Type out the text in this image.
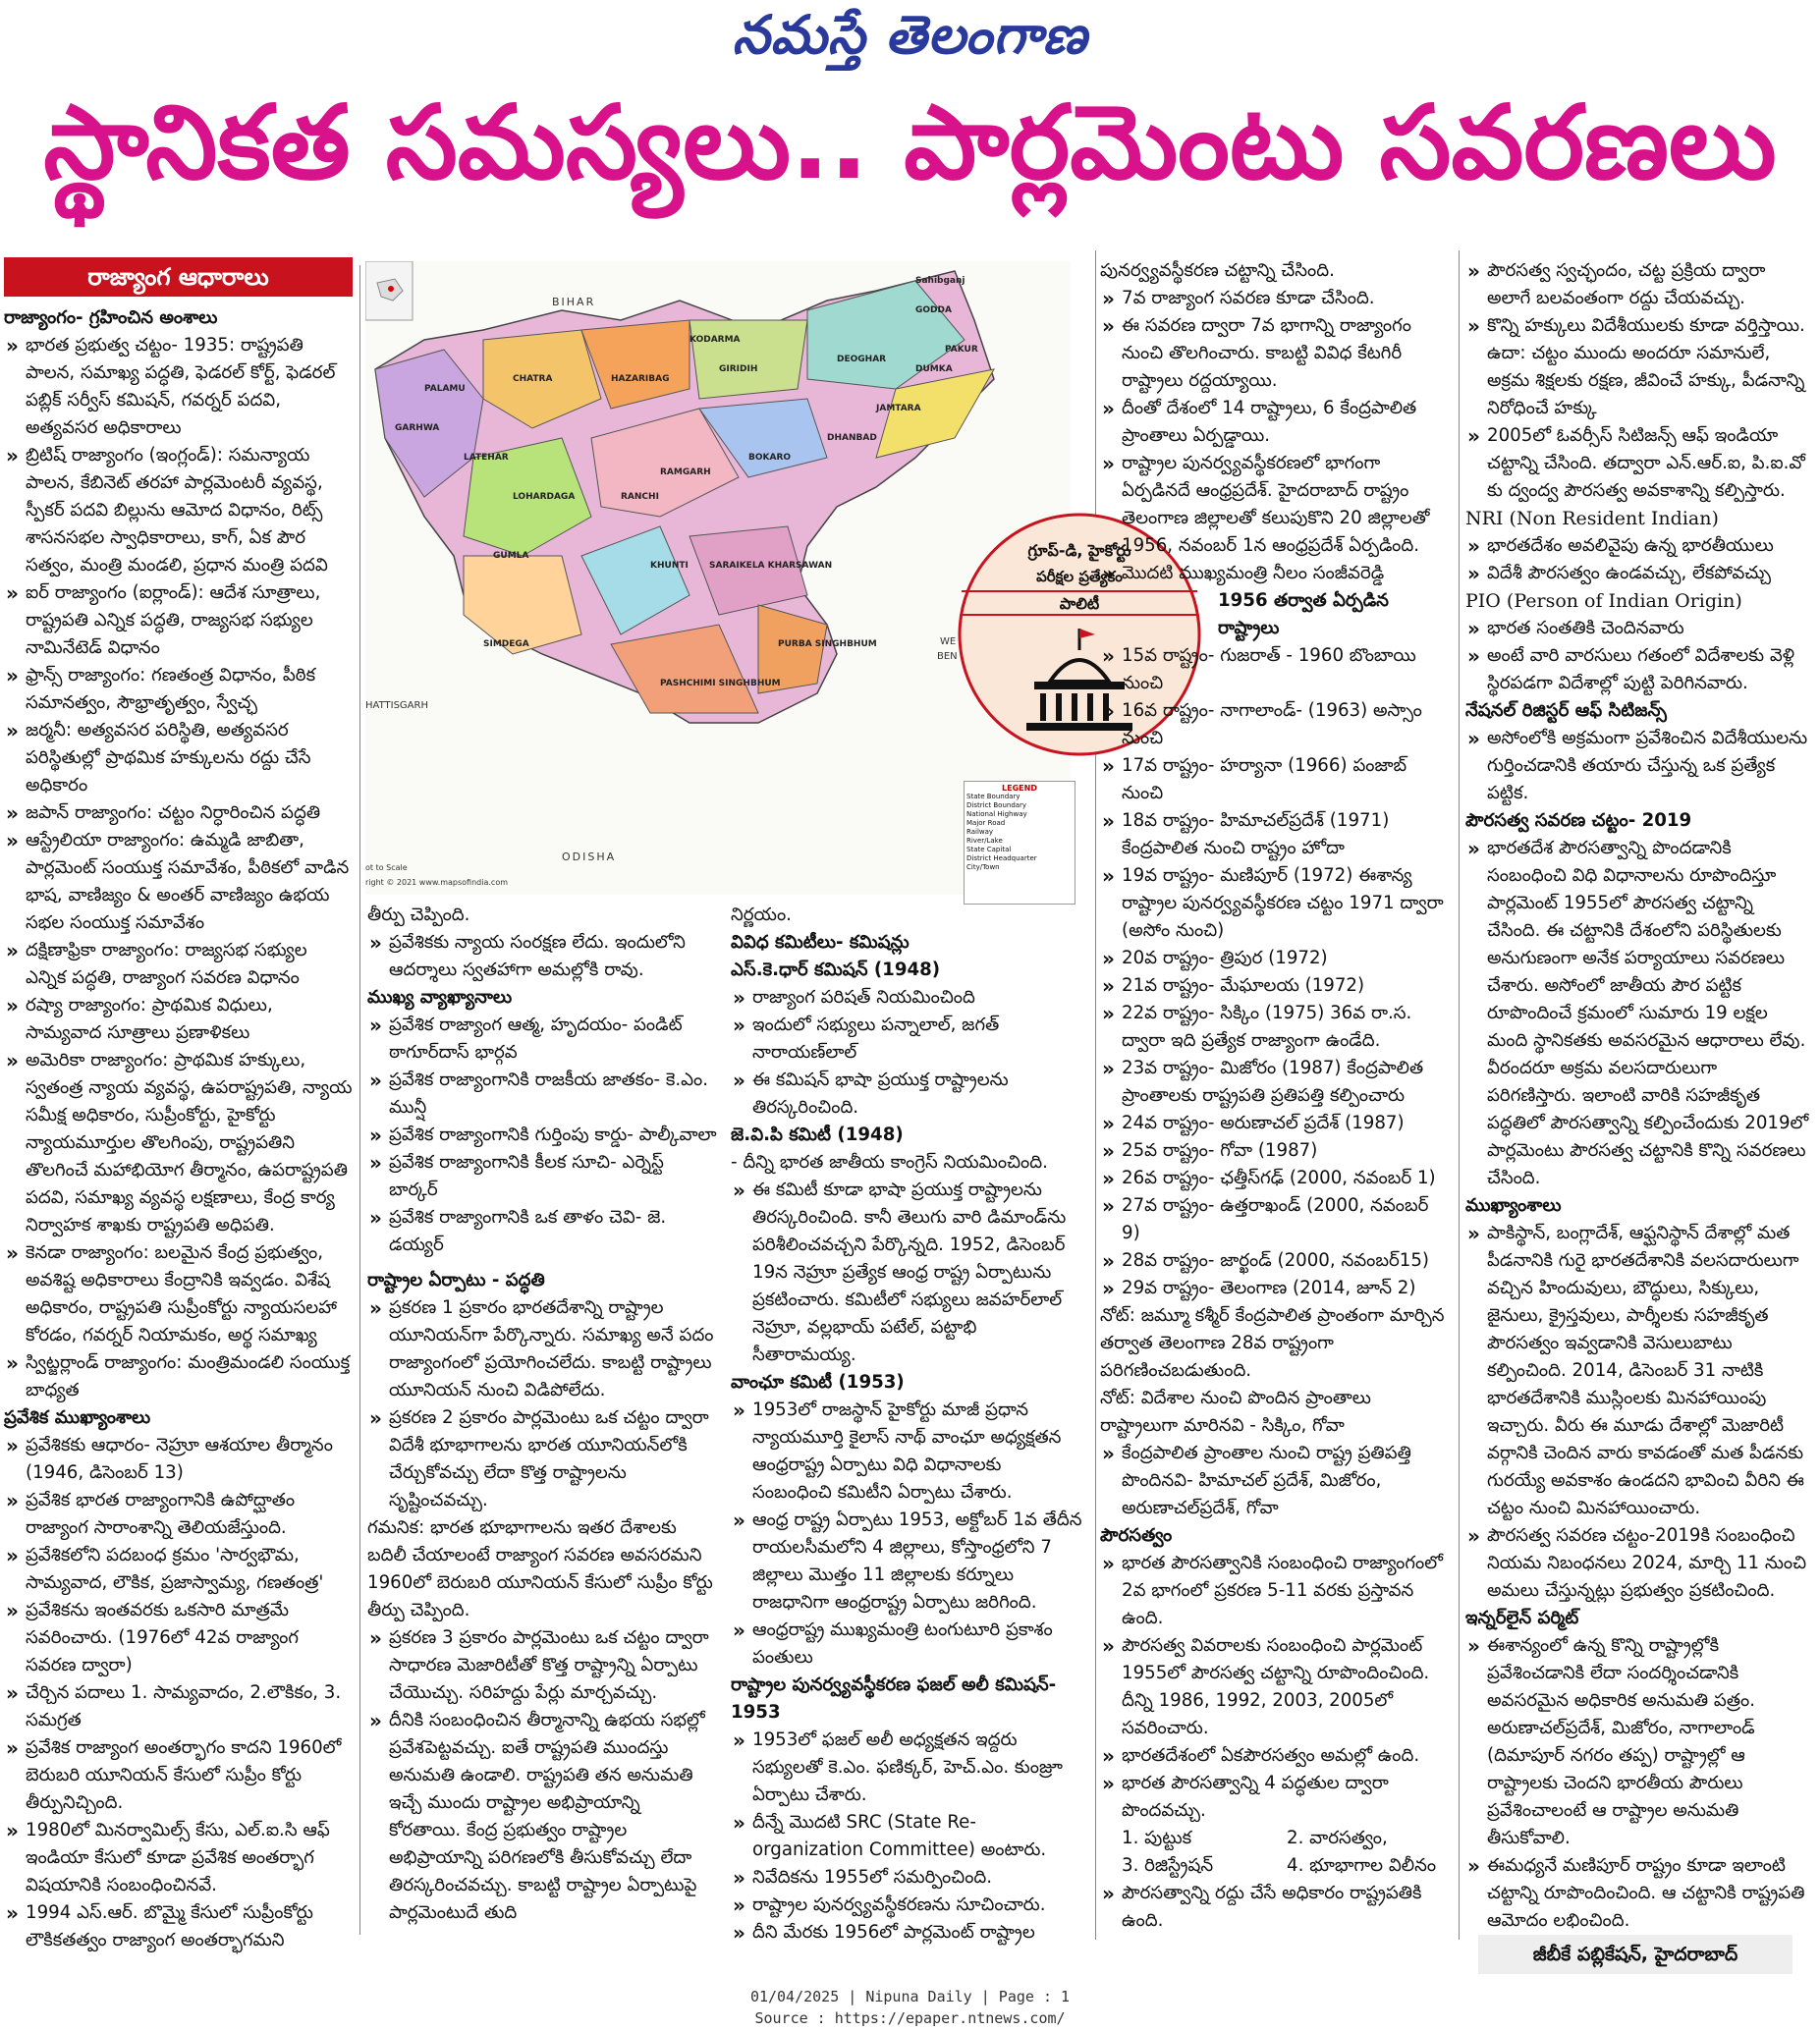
నమస్తే తెలంగాణ
స్థానికత సమస్యలు.. పార్లమెంటు సవరణలు
రాజ్యాంగ ఆధారాలు
రాజ్యాంగం- గ్రహించిన అంశాలు
» భారత ప్రభుత్వ చట్టం- 1935: రాష్ట్రపతి పాలన, సమాఖ్య పద్ధతి, ఫెడరల్ కోర్ట్, ఫెడరల్ పబ్లిక్ సర్వీస్ కమిషన్, గవర్నర్ పదవి, అత్యవసర అధికారాలు
» బ్రిటిష్ రాజ్యాంగం (ఇంగ్లండ్): సమన్యాయ పాలన, కేబినెట్ తరహా పార్లమెంటరీ వ్యవస్థ, స్పీకర్ పదవి బిల్లును ఆమోద విధానం, రిట్స్ శాసనసభల స్వాధికారాలు, కాగ్, ఏక పౌర సత్వం, మంత్రి మండలి, ప్రధాన మంత్రి పదవి
» ఐర్ రాజ్యాంగం (ఐర్లాండ్): ఆదేశ సూత్రాలు, రాష్ట్రపతి ఎన్నిక పద్ధతి, రాజ్యసభ సభ్యుల నామినేటెడ్ విధానం
» ఫ్రాన్స్ రాజ్యాంగం: గణతంత్ర విధానం, పీఠిక సమానత్వం, సౌభ్రాతృత్వం, స్వేచ్ఛ
» జర్మనీ: అత్యవసర పరిస్థితి, అత్యవసర పరిస్థితుల్లో ప్రాథమిక హక్కులను రద్దు చేసే అధికారం
» జపాన్ రాజ్యాంగం: చట్టం నిర్ధారించిన పద్ధతి
» ఆస్ట్రేలియా రాజ్యాంగం: ఉమ్మడి జాబితా, పార్లమెంట్ సంయుక్త సమావేశం, పీఠికలో వాడిన భాష, వాణిజ్యం & అంతర్ వాణిజ్యం ఉభయ సభల సంయుక్త సమావేశం
» దక్షిణాఫ్రికా రాజ్యాంగం: రాజ్యసభ సభ్యుల ఎన్నిక పద్ధతి, రాజ్యాంగ సవరణ విధానం
» రష్యా రాజ్యాంగం: ప్రాథమిక విధులు, సామ్యవాద సూత్రాలు ప్రణాళికలు
» అమెరికా రాజ్యాంగం: ప్రాథమిక హక్కులు, స్వతంత్ర న్యాయ వ్యవస్థ, ఉపరాష్ట్రపతి, న్యాయ సమీక్ష అధికారం, సుప్రీంకోర్టు, హైకోర్టు న్యాయమూర్తుల తొలగింపు, రాష్ట్రపతిని తొలగించే మహాభియోగ తీర్మానం, ఉపరాష్ట్రపతి పదవి, సమాఖ్య వ్యవస్థ లక్షణాలు, కేంద్ర కార్య నిర్వాహక శాఖకు రాష్ట్రపతి అధిపతి.
» కెనడా రాజ్యాంగం: బలమైన కేంద్ర ప్రభుత్వం, అవశిష్ట అధికారాలు కేంద్రానికి ఇవ్వడం. విశేష అధికారం, రాష్ట్రపతి సుప్రీంకోర్టు న్యాయసలహా కోరడం, గవర్నర్ నియామకం, అర్థ సమాఖ్య
» స్విట్జర్లాండ్ రాజ్యాంగం: మంత్రిమండలి సంయుక్త బాధ్యత
ప్రవేశిక ముఖ్యాంశాలు
» ప్రవేశికకు ఆధారం- నెహ్రూ ఆశయాల తీర్మానం (1946, డిసెంబర్ 13)
» ప్రవేశిక భారత రాజ్యాంగానికి ఉపోద్ఘాతం రాజ్యాంగ సారాంశాన్ని తెలియజేస్తుంది.
» ప్రవేశికలోని పదబంధ క్రమం 'సార్వభౌమ, సామ్యవాద, లౌకిక, ప్రజాస్వామ్య, గణతంత్ర'
» ప్రవేశికను ఇంతవరకు ఒకసారి మాత్రమే సవరించారు. (1976లో 42వ రాజ్యాంగ సవరణ ద్వారా)
» చేర్చిన పదాలు 1. సామ్యవాదం, 2.లౌకికం, 3. సమగ్రత
» ప్రవేశిక రాజ్యాంగ అంతర్భాగం కాదని 1960లో బెరుబరి యూనియన్ కేసులో సుప్రీం కోర్టు తీర్పునిచ్చింది.
» 1980లో మినర్వామిల్స్ కేసు, ఎల్.ఐ.సి ఆఫ్ ఇండియా కేసులో కూడా ప్రవేశిక అంతర్భాగ విషయానికి సంబంధించినవే.
» 1994 ఎస్.ఆర్. బొమ్మై కేసులో సుప్రీంకోర్టు లౌకికతత్వం రాజ్యాంగ అంతర్భాగమని
BIHAR
HATTISGARH
ODISHA
WE
BEN
Sahibganj
GODDA
PAKUR
DUMKA
KODARMA
GIRIDIH
DEOGHAR
JAMTARA
DHANBAD
BOKARO
HAZARIBAG
CHATRA
PALAMU
GARHWA
LATEHAR
LOHARDAGA	RANCHI
RAMGARH
GUMLA
KHUNTI
SIMDEGA
SARAIKELA KHARSAWAN
PURBA SINGHBHUM
PASHCHIMI SINGHBHUM
ot to Scale
right © 2021 www.mapsofindia.com
LEGEND
State Boundary
District Boundary
National Highway
Major Road
Railway
River/Lake
State Capital
District Headquarter
City/Town
గ్రూప్-డి, హైకోర్టు
పరీక్షల ప్రత్యేకం
పాలిటీ
తీర్పు చెప్పింది.
» ప్రవేశికకు న్యాయ సంరక్షణ లేదు. ఇందులోని ఆదర్శాలు స్వతహాగా అమల్లోకి రావు.
ముఖ్య వ్యాఖ్యానాలు
» ప్రవేశిక రాజ్యాంగ ఆత్మ, హృదయం- పండిట్ ఠాగూర్‌దాస్ భార్గవ
» ప్రవేశిక రాజ్యాంగానికి రాజకీయ జాతకం- కె.ఎం. మున్షీ
» ప్రవేశిక రాజ్యాంగానికి గుర్తింపు కార్డు- పాల్కీవాలా
» ప్రవేశిక రాజ్యాంగానికి కీలక సూచి- ఎర్నెస్ట్ బార్కర్
» ప్రవేశిక రాజ్యాంగానికి ఒక తాళం చెవి- జె. డయ్యర్
రాష్ట్రాల ఏర్పాటు - పద్ధతి
» ప్రకరణ 1 ప్రకారం భారతదేశాన్ని రాష్ట్రాల యూనియన్‌గా పేర్కొన్నారు. సమాఖ్య అనే పదం రాజ్యాంగంలో ప్రయోగించలేదు. కాబట్టి రాష్ట్రాలు యూనియన్ నుంచి విడిపోలేదు.
» ప్రకరణ 2 ప్రకారం పార్లమెంటు ఒక చట్టం ద్వారా విదేశీ భూభాగాలను భారత యూనియన్‌లోకి చేర్చుకోవచ్చు లేదా కొత్త రాష్ట్రాలను సృష్టించవచ్చు.
గమనిక: భారత భూభాగాలను ఇతర దేశాలకు బదిలీ చేయాలంటే రాజ్యాంగ సవరణ అవసరమని 1960లో బెరుబరి యూనియన్ కేసులో సుప్రీం కోర్టు తీర్పు చెప్పింది.
» ప్రకరణ 3 ప్రకారం పార్లమెంటు ఒక చట్టం ద్వారా సాధారణ మెజారిటీతో కొత్త రాష్ట్రాన్ని ఏర్పాటు చేయొచ్చు. సరిహద్దు పేర్లు మార్చవచ్చు.
» దీనికి సంబంధించిన తీర్మానాన్ని ఉభయ సభల్లో ప్రవేశపెట్టవచ్చు. ఐతే రాష్ట్రపతి ముందస్తు అనుమతి ఉండాలి. రాష్ట్రపతి తన అనుమతి ఇచ్చే ముందు రాష్ట్రాల అభిప్రాయాన్ని కోరతాయి. కేంద్ర ప్రభుత్వం రాష్ట్రాల అభిప్రాయాన్ని పరిగణలోకి తీసుకోవచ్చు లేదా తిరస్కరించవచ్చు. కాబట్టి రాష్ట్రాల ఏర్పాటుపై పార్లమెంటుదే తుది
నిర్ణయం.
వివిధ కమిటీలు- కమిషన్లు
ఎస్.కె.ధార్ కమిషన్ (1948)
» రాజ్యాంగ పరిషత్ నియమించింది
» ఇందులో సభ్యులు పన్నాలాల్, జగత్ నారాయణ్‌లాల్
» ఈ కమిషన్ భాషా ప్రయుక్త రాష్ట్రాలను తిరస్కరించింది.
జె.వి.పి కమిటీ (1948)
- దీన్ని భారత జాతీయ కాంగ్రెస్ నియమించింది.
» ఈ కమిటీ కూడా భాషా ప్రయుక్త రాష్ట్రాలను తిరస్కరించింది. కానీ తెలుగు వారి డిమాండ్‌ను పరిశీలించవచ్చని పేర్కొన్నది. 1952, డిసెంబర్ 19న నెహ్రూ ప్రత్యేక ఆంధ్ర రాష్ట్ర ఏర్పాటును ప్రకటించారు. కమిటీలో సభ్యులు జవహర్‌లాల్ నెహ్రూ, వల్లభాయ్ పటేల్, పట్టాభి సీతారామయ్య.
వాంఛూ కమిటీ (1953)
» 1953లో రాజస్థాన్ హైకోర్టు మాజీ ప్రధాన న్యాయమూర్తి కైలాస్ నాథ్ వాంఛూ అధ్యక్షతన ఆంధ్రరాష్ట్ర ఏర్పాటు విధి విధానాలకు సంబంధించి కమిటీని ఏర్పాటు చేశారు.
» ఆంధ్ర రాష్ట్ర ఏర్పాటు 1953, అక్టోబర్ 1వ తేదీన రాయలసీమలోని 4 జిల్లాలు, కోస్తాంధ్రలోని 7 జిల్లాలు మొత్తం 11 జిల్లాలకు కర్నూలు రాజధానిగా ఆంధ్రరాష్ట్ర ఏర్పాటు జరిగింది.
» ఆంధ్రరాష్ట్ర ముఖ్యమంత్రి టంగుటూరి ప్రకాశం పంతులు
రాష్ట్రాల పునర్వ్యవస్థీకరణ ఫజల్ అలీ కమిషన్- 1953
» 1953లో ఫజల్ అలీ అధ్యక్షతన ఇద్దరు సభ్యులతో కె.ఎం. ఫణిక్కర్, హెచ్.ఎం. కుంజ్రూ ఏర్పాటు చేశారు.
» దీన్నే మొదటి SRC (State Re-organization Committee) అంటారు.
» నివేదికను 1955లో సమర్పించింది.
» రాష్ట్రాల పునర్వ్యవస్థీకరణను సూచించారు.
» దీని మేరకు 1956లో పార్లమెంట్ రాష్ట్రాల
పునర్వ్యవస్థీకరణ చట్టాన్ని చేసింది.
» 7వ రాజ్యాంగ సవరణ కూడా చేసింది.
» ఈ సవరణ ద్వారా 7వ భాగాన్ని రాజ్యాంగం నుంచి తొలగించారు. కాబట్టి వివిధ కేటగిరీ రాష్ట్రాలు రద్దయ్యాయి.
» దీంతో దేశంలో 14 రాష్ట్రాలు, 6 కేంద్రపాలిత ప్రాంతాలు ఏర్పడ్డాయి.
» రాష్ట్రాల పునర్వ్యవస్థీకరణలో భాగంగా ఏర్పడినదే ఆంధ్రప్రదేశ్. హైదరాబాద్ రాష్ట్రం తెలంగాణ జిల్లాలతో కలుపుకొని 20 జిల్లాలతో 1956, నవంబర్ 1న ఆంధ్రప్రదేశ్ ఏర్పడింది.
» మొదటి ముఖ్యమంత్రి నీలం సంజీవరెడ్డి
1956 తర్వాత ఏర్పడిన రాష్ట్రాలు
» 15వ రాష్ట్రం- గుజరాత్ - 1960 బొంబాయి నుంచి
» 16వ రాష్ట్రం- నాగాలాండ్- (1963) అస్సాం నుంచి
» 17వ రాష్ట్రం- హర్యానా (1966) పంజాబ్ నుంచి
» 18వ రాష్ట్రం- హిమాచల్‌ప్రదేశ్ (1971) కేంద్రపాలిత నుంచి రాష్ట్రం హోదా
» 19వ రాష్ట్రం- మణిపూర్ (1972) ఈశాన్య రాష్ట్రాల పునర్వ్యవస్థీకరణ చట్టం 1971 ద్వారా (అసోం నుంచి)
» 20వ రాష్ట్రం- త్రిపుర (1972)
» 21వ రాష్ట్రం- మేఘాలయ (1972)
» 22వ రాష్ట్రం- సిక్కిం (1975) 36వ రా.స. ద్వారా ఇది ప్రత్యేక రాజ్యాంగా ఉండేది.
» 23వ రాష్ట్రం- మిజోరం (1987) కేంద్రపాలిత ప్రాంతాలకు రాష్ట్రపతి ప్రతిపత్తి కల్పించారు
» 24వ రాష్ట్రం- అరుణాచల్ ప్రదేశ్ (1987)
» 25వ రాష్ట్రం- గోవా (1987)
» 26వ రాష్ట్రం- ఛత్తీస్‌గఢ్ (2000, నవంబర్ 1)
» 27వ రాష్ట్రం- ఉత్తరాఖండ్ (2000, నవంబర్ 9)
» 28వ రాష్ట్రం- జార్ఖండ్ (2000, నవంబర్15)
» 29వ రాష్ట్రం- తెలంగాణ (2014, జూన్ 2)
నోట్: జమ్మూ కశ్మీర్ కేంద్రపాలిత ప్రాంతంగా మార్చిన తర్వాత తెలంగాణ 28వ రాష్ట్రంగా పరిగణించబడుతుంది.
నోట్: విదేశాల నుంచి పొందిన ప్రాంతాలు రాష్ట్రాలుగా మారినవి - సిక్కిం, గోవా
» కేంద్రపాలిత ప్రాంతాల నుంచి రాష్ట్ర ప్రతిపత్తి పొందినవి- హిమాచల్ ప్రదేశ్, మిజోరం, అరుణాచల్‌ప్రదేశ్, గోవా
పౌరసత్వం
» భారత పౌరసత్వానికి సంబంధించి రాజ్యాంగంలో 2వ భాగంలో ప్రకరణ 5-11 వరకు ప్రస్తావన ఉంది.
» పౌరసత్వ వివరాలకు సంబంధించి పార్లమెంట్ 1955లో పౌరసత్వ చట్టాన్ని రూపొందించింది. దీన్ని 1986, 1992, 2003, 2005లో సవరించారు.
» భారతదేశంలో ఏకపౌరసత్వం అమల్లో ఉంది.
» భారత పౌరసత్వాన్ని 4 పద్ధతుల ద్వారా పొందవచ్చు.
1. పుట్టుక	2. వారసత్వం,
3. రిజిస్ట్రేషన్	4. భూభాగాల విలీనం
» పౌరసత్వాన్ని రద్దు చేసే అధికారం రాష్ట్రపతికి ఉంది.
» పౌరసత్వ స్వచ్ఛందం, చట్ట ప్రక్రియ ద్వారా అలాగే బలవంతంగా రద్దు చేయవచ్చు.
» కొన్ని హక్కులు విదేశీయులకు కూడా వర్తిస్తాయి. ఉదా: చట్టం ముందు అందరూ సమానులే, అక్రమ శిక్షలకు రక్షణ, జీవించే హక్కు, పీడనాన్ని నిరోధించే హక్కు
» 2005లో ఓవర్సీస్ సిటిజన్స్ ఆఫ్ ఇండియా చట్టాన్ని చేసింది. తద్వారా ఎన్.ఆర్.ఐ, పి.ఐ.వో కు ద్వంద్వ పౌరసత్వ అవకాశాన్ని కల్పిస్తారు.
NRI (Non Resident Indian)
» భారతదేశం అవలివైపు ఉన్న భారతీయులు
» విదేశీ పౌరసత్వం ఉండవచ్చు, లేకపోవచ్చు
PIO (Person of Indian Origin)
» భారత సంతతికి చెందినవారు
» అంటే వారి వారసులు గతంలో విదేశాలకు వెళ్లి స్థిరపడగా విదేశాల్లో పుట్టి పెరిగినవారు.
నేషనల్ రిజిస్టర్ ఆఫ్ సిటిజన్స్
» అసోంలోకి అక్రమంగా ప్రవేశించిన విదేశీయులను గుర్తించడానికి తయారు చేస్తున్న ఒక ప్రత్యేక పట్టిక.
పౌరసత్వ సవరణ చట్టం- 2019
» భారతదేశ పౌరసత్వాన్ని పొందడానికి సంబంధించి విధి విధానాలను రూపొందిస్తూ పార్లమెంట్ 1955లో పౌరసత్వ చట్టాన్ని చేసింది. ఈ చట్టానికి దేశంలోని పరిస్థితులకు అనుగుణంగా అనేక పర్యాయాలు సవరణలు చేశారు. అసోంలో జాతీయ పౌర పట్టిక రూపొందించే క్రమంలో సుమారు 19 లక్షల మంది స్థానికతకు అవసరమైన ఆధారాలు లేవు. వీరందరూ అక్రమ వలసదారులుగా పరిగణిస్తారు. ఇలాంటి వారికి సహజీకృత పద్ధతిలో పౌరసత్వాన్ని కల్పించేందుకు 2019లో పార్లమెంటు పౌరసత్వ చట్టానికి కొన్ని సవరణలు చేసింది.
ముఖ్యాంశాలు
» పాకిస్థాన్, బంగ్లాదేశ్, ఆఫ్ఘనిస్థాన్ దేశాల్లో మత పీడనానికి గురై భారతదేశానికి వలసదారులుగా వచ్చిన హిందువులు, బౌద్ధులు, సిక్కులు, జైనులు, క్రైస్తవులు, పార్శీలకు సహజీకృత పౌరసత్వం ఇవ్వడానికి వెసులుబాటు కల్పించింది. 2014, డిసెంబర్ 31 నాటికి భారతదేశానికి ముస్లింలకు మినహాయింపు ఇచ్చారు. వీరు ఈ మూడు దేశాల్లో మెజారిటీ వర్గానికి చెందిన వారు కావడంతో మత పీడనకు గురయ్యే అవకాశం ఉండదని భావించి వీరిని ఈ చట్టం నుంచి మినహాయించారు.
» పౌరసత్వ సవరణ చట్టం-2019కి సంబంధించి నియమ నిబంధనలు 2024, మార్చి 11 నుంచి అమలు చేస్తున్నట్లు ప్రభుత్వం ప్రకటించింది.
ఇన్నర్‌లైన్ పర్మిట్
» ఈశాన్యంలో ఉన్న కొన్ని రాష్ట్రాల్లోకి ప్రవేశించడానికి లేదా సందర్శించడానికి అవసరమైన అధికారిక అనుమతి పత్రం. అరుణాచల్‌ప్రదేశ్, మిజోరం, నాగాలాండ్ (దిమాపూర్ నగరం తప్ప) రాష్ట్రాల్లో ఆ రాష్ట్రాలకు చెందని భారతీయ పౌరులు ప్రవేశించాలంటే ఆ రాష్ట్రాల అనుమతి తీసుకోవాలి.
» ఈమధ్యనే మణిపూర్ రాష్ట్రం కూడా ఇలాంటి చట్టాన్ని రూపొందించింది. ఆ చట్టానికి రాష్ట్రపతి ఆమోదం లభించింది.
జీబీకే పబ్లికేషన్, హైదరాబాద్
01/04/2025 | Nipuna Daily | Page : 1
Source : https://epaper.ntnews.com/
